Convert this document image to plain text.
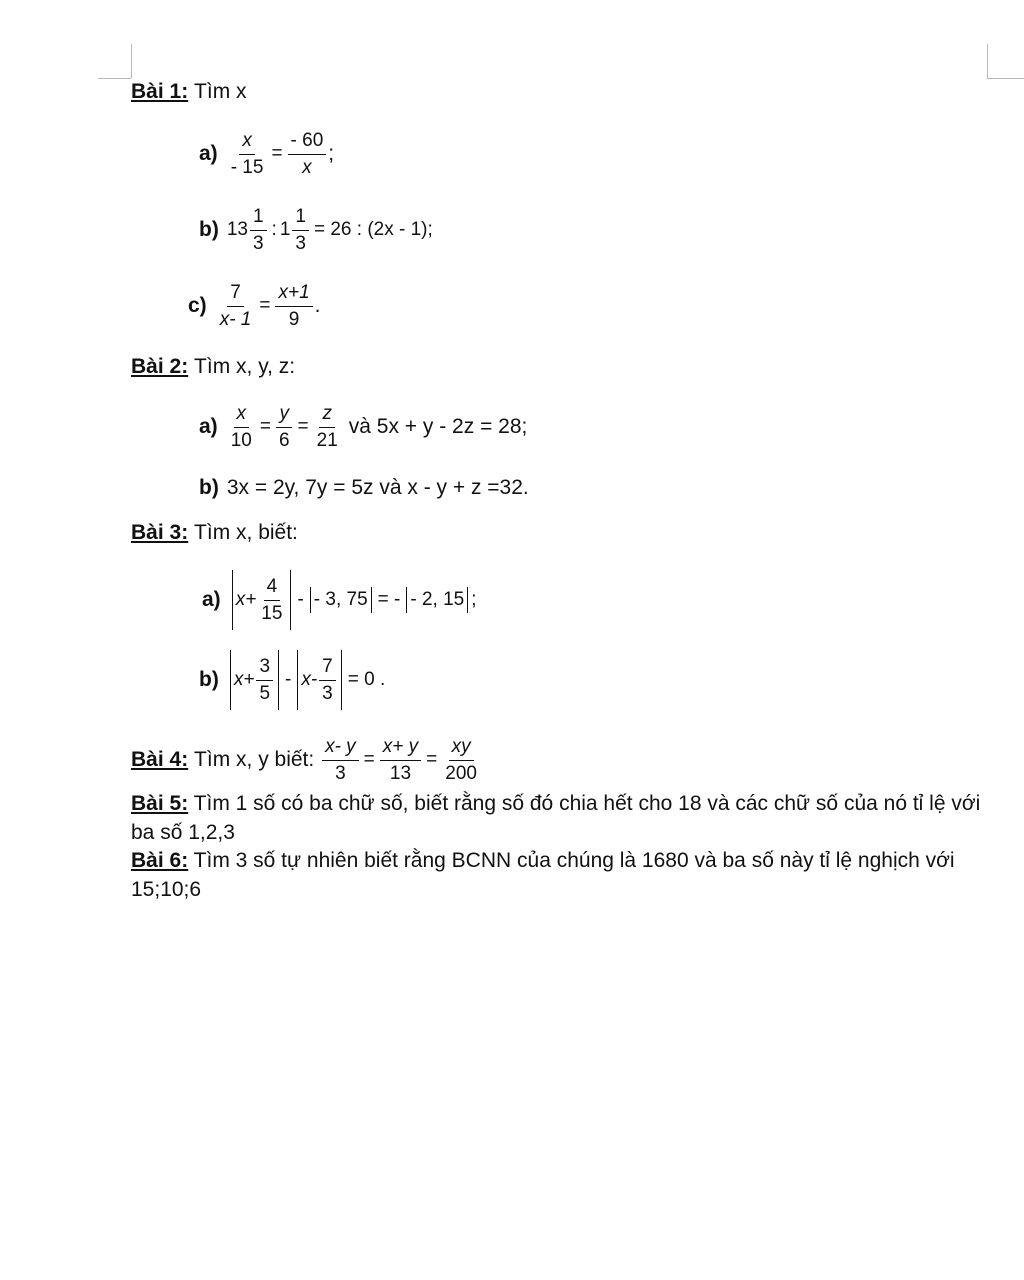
Bài 1:
Tìm x
$a) \frac{x}{- 15} = \frac{- 60}{x}$ ;
b) $13 \frac{1}{3}$ : $1 \frac{1}{3} = 26$ : (2x - 1);
$c) \frac{7}{x- 1} = \frac{x+1}{9}$ .
Bài 2:
Tìm x, y, z:
$a) \frac{x}{10} = \frac{y}{6} = \frac{z}{21}$ và 5x + y - 2z = 28;
b) 3x = 2y, 7y = 5z và x - y + z =32.
Bài 3:
Tìm x, biết:
a) $x+ \frac{4}{15}$ - - 3, 75 = - - 2, 15 ;
b) $x+ \frac{3}{5} - x- \frac{7}{3} = 0$ .
Bài 4:
Tìm x, y biết:
$\frac{x- y}{3} = \frac{x+ y}{13} = \frac{xy}{200}$
Bài 5: Tìm 1 số có ba chữ số, biết rằng số đó chia hết cho 18 và các chữ số của nó tỉ lệ với ba số 1,2,3
Bài 6: Tìm 3 số tự nhiên biết rằng BCNN của chúng là 1680 và ba số này tỉ lệ nghịch với 15;10;6
